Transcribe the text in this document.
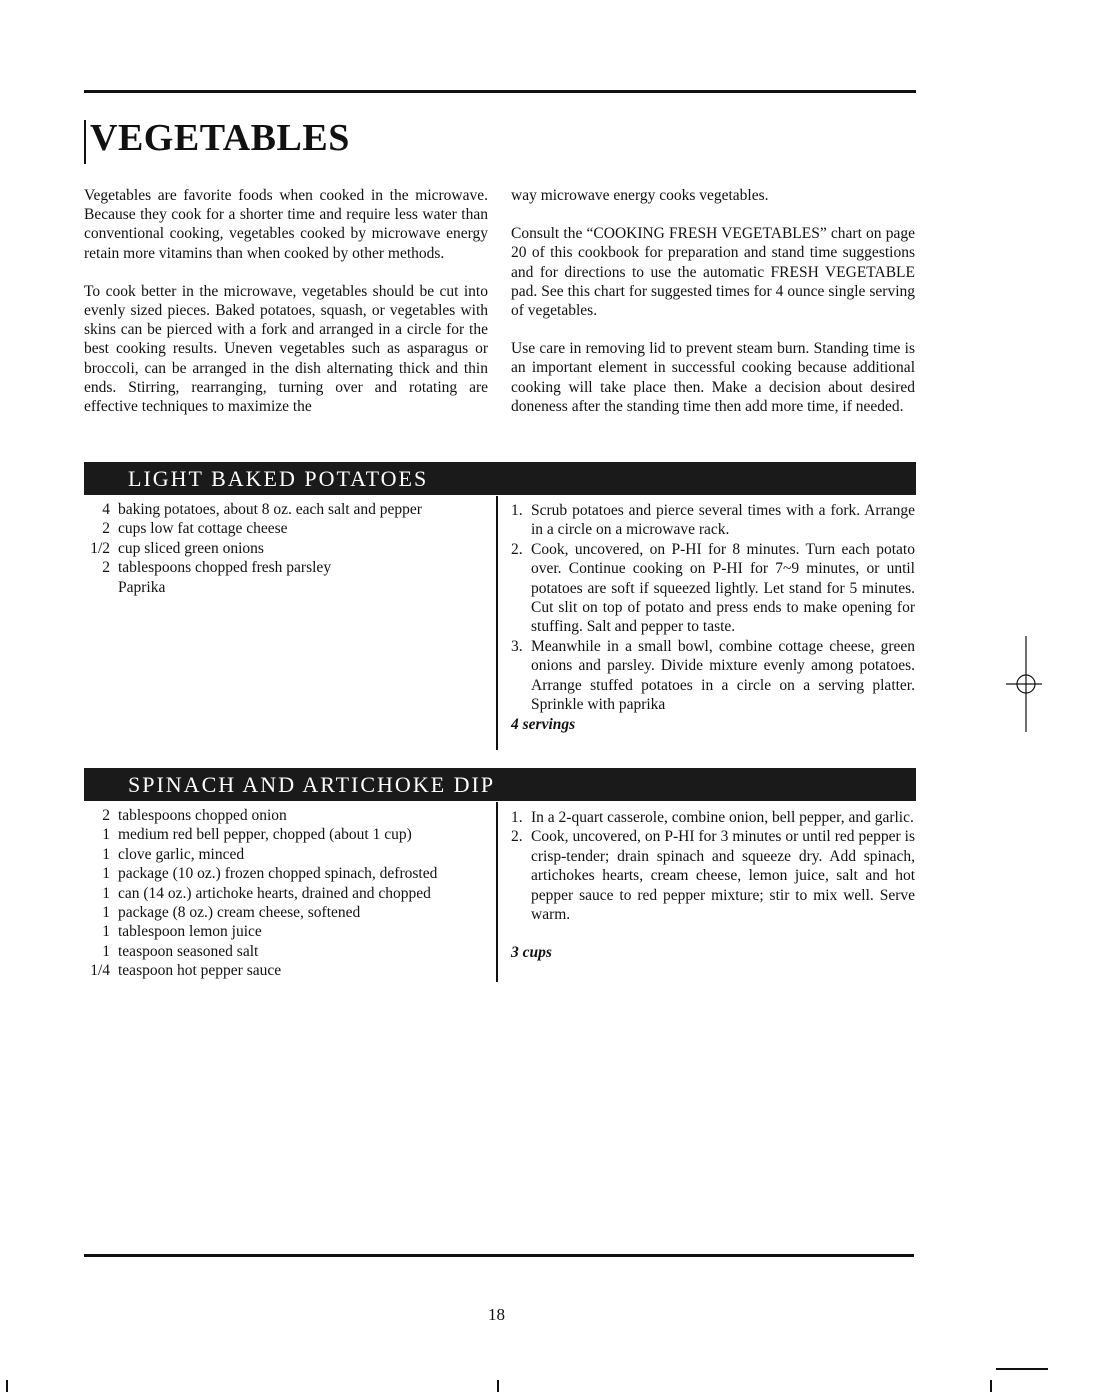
VEGETABLES

Vegetables are favorite foods when cooked in the microwave. Because they cook for a shorter time and require less water than conventional cooking, vegetables cooked by microwave energy retain more vitamins than when cooked by other methods.

To cook better in the microwave, vegetables should be cut into evenly sized pieces. Baked potatoes, squash, or vegetables with skins can be pierced with a fork and arranged in a circle for the best cooking results. Uneven vegetables such as asparagus or broccoli, can be arranged in the dish alternating thick and thin ends. Stirring, rearranging, turning over and rotating are effective techniques to maximize the

way microwave energy cooks vegetables.

Consult the “COOKING FRESH VEGETABLES” chart on page 20 of this cookbook for preparation and stand time suggestions and for directions to use the automatic FRESH VEGETABLE pad. See this chart for suggested times for 4 ounce single serving of vegetables.

Use care in removing lid to prevent steam burn. Standing time is an important element in successful cooking because additional cooking will take place then. Make a decision about desired doneness after the standing time then add more time, if needed.

LIGHT BAKED POTATOES
4 baking potatoes, about 8 oz. each salt and pepper
2 cups low fat cottage cheese
1/2 cup sliced green onions
2 tablespoons chopped fresh parsley
Paprika
1. Scrub potatoes and pierce several times with a fork. Arrange in a circle on a microwave rack.
2. Cook, uncovered, on P-HI for 8 minutes. Turn each potato over. Continue cooking on P-HI for 7~9 minutes, or until potatoes are soft if squeezed lightly. Let stand for 5 minutes. Cut slit on top of potato and press ends to make opening for stuffing. Salt and pepper to taste.
3. Meanwhile in a small bowl, combine cottage cheese, green onions and parsley. Divide mixture evenly among potatoes. Arrange stuffed potatoes in a circle on a serving platter. Sprinkle with paprika
4 servings
SPINACH AND ARTICHOKE DIP
2 tablespoons chopped onion
1 medium red bell pepper, chopped (about 1 cup)
1 clove garlic, minced
1 package (10 oz.) frozen chopped spinach, defrosted
1 can (14 oz.) artichoke hearts, drained and chopped
1 package (8 oz.) cream cheese, softened
1 tablespoon lemon juice
1 teaspoon seasoned salt
1/4 teaspoon hot pepper sauce
1. In a 2-quart casserole, combine onion, bell pepper, and garlic.
2. Cook, uncovered, on P-HI for 3 minutes or until red pepper is crisp-tender; drain spinach and squeeze dry. Add spinach, artichokes hearts, cream cheese, lemon juice, salt and hot pepper sauce to red pepper mixture; stir to mix well. Serve warm.
3 cups
18
